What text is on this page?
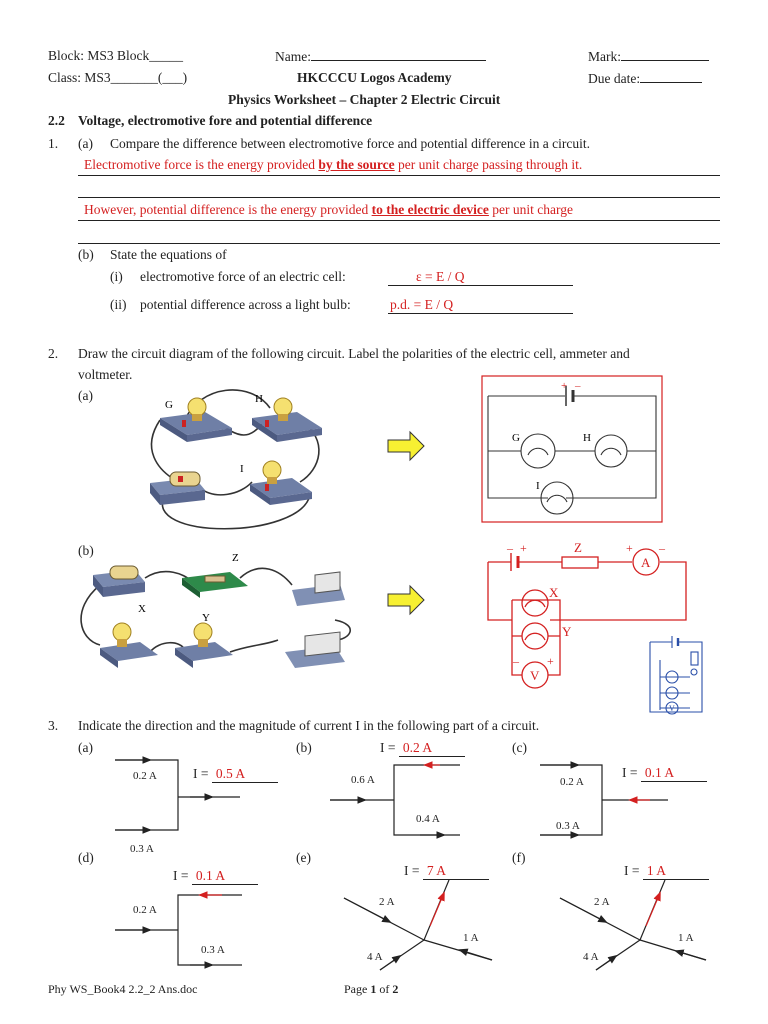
Block: MS3 Block_____	Name:	Mark:
Class: MS3_______(___)	HKCCCU Logos Academy	Due date:
Physics Worksheet – Chapter 2 Electric Circuit
2.2 Voltage, electromotive fore and potential difference
1. (a) Compare the difference between electromotive force and potential difference in a circuit.
Electromotive force is the energy provided by the source per unit charge passing through it.
However, potential difference is the energy provided to the electric device per unit charge
(b) State the equations of
(i) electromotive force of an electric cell:	ε = E / Q
(ii) potential difference across a light bulb:	p.d. = E / Q
2. Draw the circuit diagram of the following circuit. Label the polarities of the electric cell, ammeter and
voltmeter.
(a)
(b)
G	H
I
+ –
G	H
I
Z
X
Y
– +	Z	+ –
A
X
Y
– +
V
V
3. Indicate the direction and the magnitude of current I in the following part of a circuit.
(a)	(b)	(c)
(d)	(e)	(f)
I = 0.5 A
I = 0.2 A
I = 0.1 A
I = 0.1 A	I = 7 A	I = 1 A
0.2 A
0.3 A
0.6 A
0.4 A
0.2 A
0.3 A
0.2 A
0.3 A
2 A
1 A
4 A
2 A
1 A
4 A
Phy WS_Book4 2.2_2 Ans.doc	Page 1 of 2
